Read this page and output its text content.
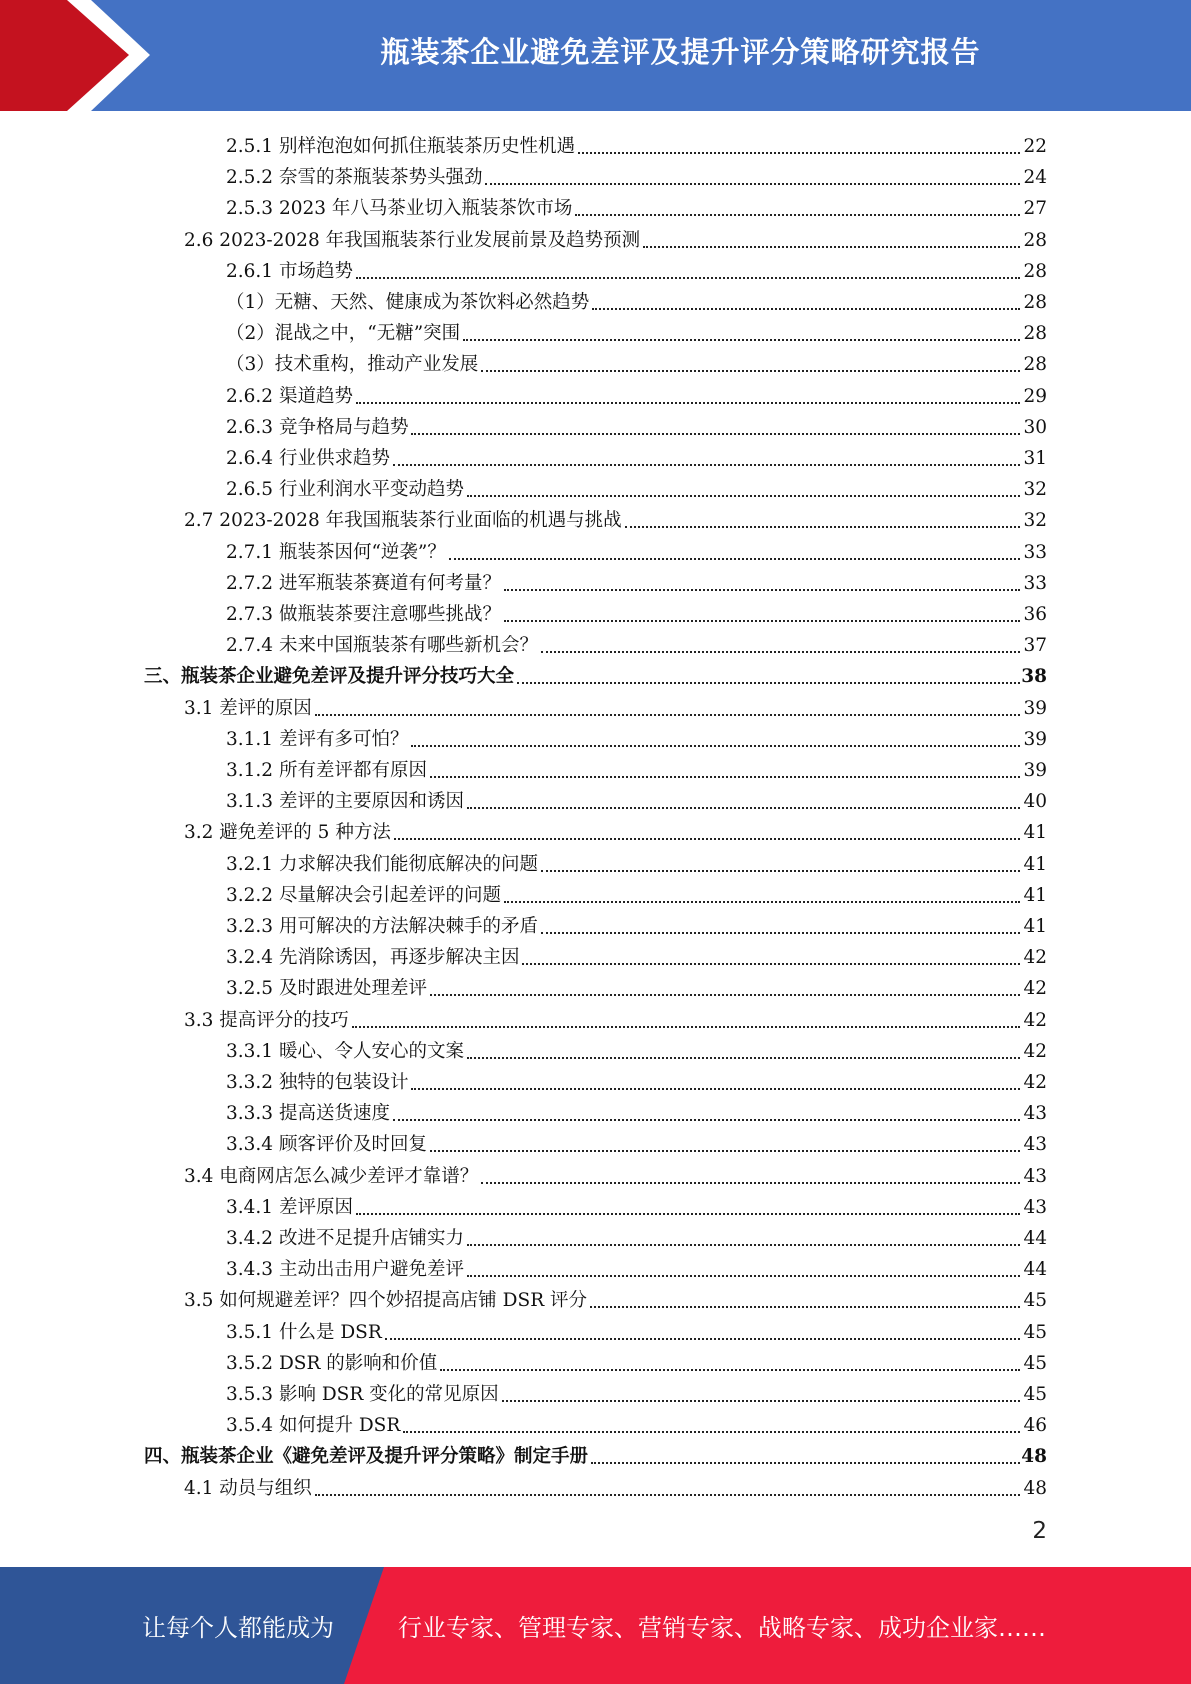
瓶装茶企业避免差评及提升评分策略研究报告
2.5.1 别样泡泡如何抓住瓶装茶历史性机遇	22
2.5.2 奈雪的茶瓶装茶势头强劲	24
2.5.3 2023 年八马茶业切入瓶装茶饮市场	27
2.6 2023-2028 年我国瓶装茶行业发展前景及趋势预测	28
2.6.1 市场趋势	28
（1）无糖、天然、健康成为茶饮料必然趋势	28
（2）混战之中，“无糖”突围	28
（3）技术重构，推动产业发展	28
2.6.2 渠道趋势	29
2.6.3 竞争格局与趋势	30
2.6.4 行业供求趋势	31
2.6.5 行业利润水平变动趋势	32
2.7 2023-2028 年我国瓶装茶行业面临的机遇与挑战	32
2.7.1 瓶装茶因何“逆袭”？	33
2.7.2 进军瓶装茶赛道有何考量？	33
2.7.3 做瓶装茶要注意哪些挑战？	36
2.7.4 未来中国瓶装茶有哪些新机会？	37
三、瓶装茶企业避免差评及提升评分技巧大全	38
3.1 差评的原因	39
3.1.1 差评有多可怕？	39
3.1.2 所有差评都有原因	39
3.1.3 差评的主要原因和诱因	40
3.2 避免差评的 5 种方法	41
3.2.1 力求解决我们能彻底解决的问题	41
3.2.2 尽量解决会引起差评的问题	41
3.2.3 用可解决的方法解决棘手的矛盾	41
3.2.4 先消除诱因，再逐步解决主因	42
3.2.5 及时跟进处理差评	42
3.3 提高评分的技巧	42
3.3.1 暖心、令人安心的文案	42
3.3.2 独特的包装设计	42
3.3.3 提高送货速度	43
3.3.4 顾客评价及时回复	43
3.4 电商网店怎么减少差评才靠谱？	43
3.4.1 差评原因	43
3.4.2 改进不足提升店铺实力	44
3.4.3 主动出击用户避免差评	44
3.5 如何规避差评？四个妙招提高店铺 DSR 评分	45
3.5.1 什么是 DSR	45
3.5.2 DSR 的影响和价值	45
3.5.3 影响 DSR 变化的常见原因	45
3.5.4 如何提升 DSR	46
四、瓶装茶企业《避免差评及提升评分策略》制定手册	48
4.1 动员与组织	48
2
让每个人都能成为	行业专家、管理专家、营销专家、战略专家、成功企业家……
